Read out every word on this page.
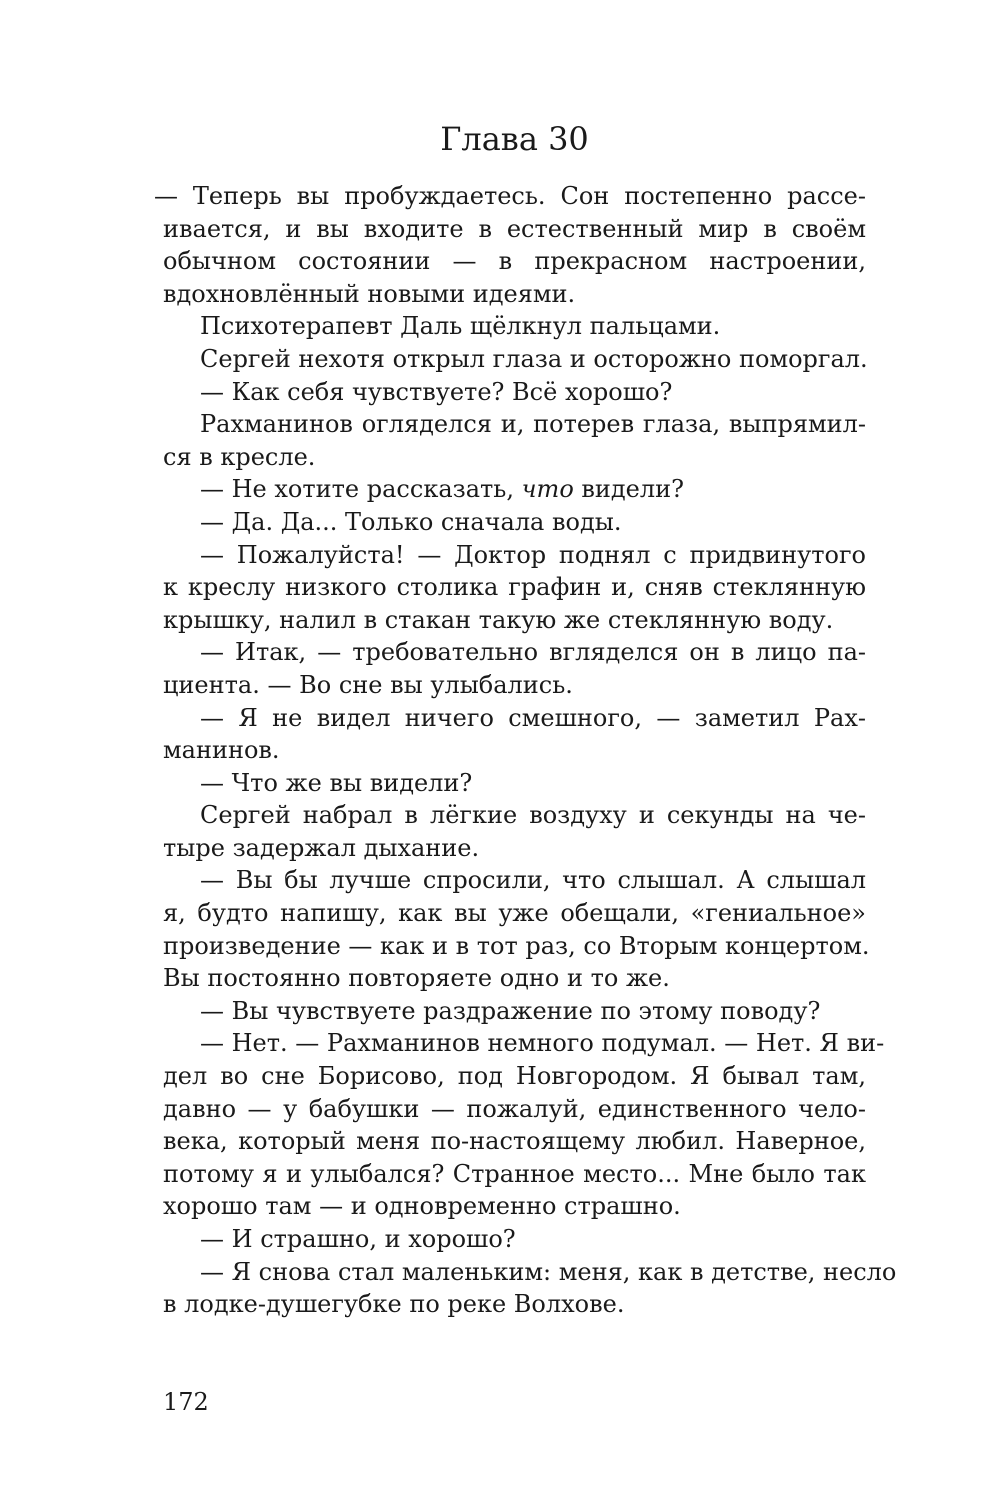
Глава 30
— Теперь вы пробуждаетесь. Сон постепенно рассе-
ивается, и вы входите в естественный мир в своём
обычном состоянии — в прекрасном настроении,
вдохновлённый новыми идеями.
Психотерапевт Даль щёлкнул пальцами.
Сергей нехотя открыл глаза и осторожно поморгал.
— Как себя чувствуете? Всё хорошо?
Рахманинов огляделся и, потерев глаза, выпрямил-
ся в кресле.
— Не хотите рассказать, что видели?
— Да. Да... Только сначала воды.
— Пожалуйста! — Доктор поднял с придвинутого
к креслу низкого столика графин и, сняв стеклянную
крышку, налил в стакан такую же стеклянную воду.
— Итак, — требовательно вгляделся он в лицо па-
циента. — Во сне вы улыбались.
— Я не видел ничего смешного, — заметил Рах-
манинов.
— Что же вы видели?
Сергей набрал в лёгкие воздуху и секунды на че-
тыре задержал дыхание.
— Вы бы лучше спросили, что слышал. А слышал
я, будто напишу, как вы уже обещали, «гениальное»
произведение — как и в тот раз, со Вторым концертом.
Вы постоянно повторяете одно и то же.
— Вы чувствуете раздражение по этому поводу?
— Нет. — Рахманинов немного подумал. — Нет. Я ви-
дел во сне Борисово, под Новгородом. Я бывал там,
давно — у бабушки — пожалуй, единственного чело-
века, который меня по-настоящему любил. Наверное,
потому я и улыбался? Странное место... Мне было так
хорошо там — и одновременно страшно.
— И страшно, и хорошо?
— Я снова стал маленьким: меня, как в детстве, несло
в лодке-душегубке по реке Волхове.
172
